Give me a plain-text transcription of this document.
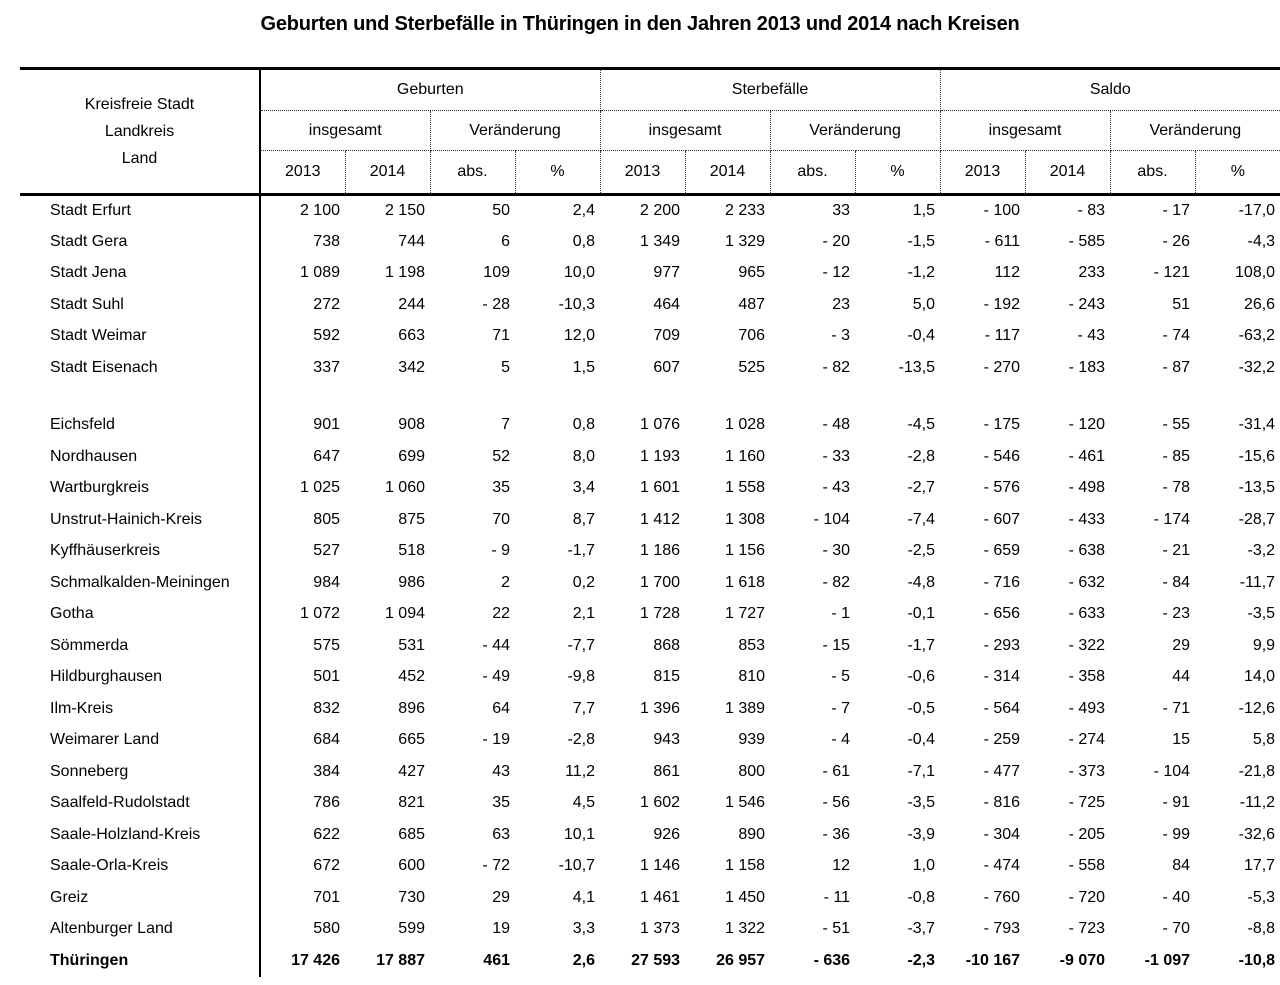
Geburten und Sterbefälle in Thüringen in den Jahren 2013 und 2014 nach Kreisen
Kreisfreie Stadt
Landkreis
Land	Geburten				Sterbefälle				Saldo			
	insgesamt		Veränderung		insgesamt		Veränderung		insgesamt		Veränderung	
	2013	2014	abs.	%	2013	2014	abs.	%	2013	2014	abs.	%
Stadt Erfurt	2 100	2 150	50	2,4	2 200	2 233	33	1,5	- 100	- 83	- 17	-17,0
Stadt Gera	738	744	6	0,8	1 349	1 329	- 20	-1,5	- 611	- 585	- 26	-4,3
Stadt Jena	1 089	1 198	109	10,0	977	965	- 12	-1,2	112	233	- 121	108,0
Stadt Suhl	272	244	- 28	-10,3	464	487	23	5,0	- 192	- 243	51	26,6
Stadt Weimar	592	663	71	12,0	709	706	- 3	-0,4	- 117	- 43	- 74	-63,2
Stadt Eisenach	337	342	5	1,5	607	525	- 82	-13,5	- 270	- 183	- 87	-32,2

Eichsfeld	901	908	7	0,8	1 076	1 028	- 48	-4,5	- 175	- 120	- 55	-31,4
Nordhausen	647	699	52	8,0	1 193	1 160	- 33	-2,8	- 546	- 461	- 85	-15,6
Wartburgkreis	1 025	1 060	35	3,4	1 601	1 558	- 43	-2,7	- 576	- 498	- 78	-13,5
Unstrut-Hainich-Kreis	805	875	70	8,7	1 412	1 308	- 104	-7,4	- 607	- 433	- 174	-28,7
Kyffhäuserkreis	527	518	- 9	-1,7	1 186	1 156	- 30	-2,5	- 659	- 638	- 21	-3,2
Schmalkalden-Meiningen	984	986	2	0,2	1 700	1 618	- 82	-4,8	- 716	- 632	- 84	-11,7
Gotha	1 072	1 094	22	2,1	1 728	1 727	- 1	-0,1	- 656	- 633	- 23	-3,5
Sömmerda	575	531	- 44	-7,7	868	853	- 15	-1,7	- 293	- 322	29	9,9
Hildburghausen	501	452	- 49	-9,8	815	810	- 5	-0,6	- 314	- 358	44	14,0
Ilm-Kreis	832	896	64	7,7	1 396	1 389	- 7	-0,5	- 564	- 493	- 71	-12,6
Weimarer Land	684	665	- 19	-2,8	943	939	- 4	-0,4	- 259	- 274	15	5,8
Sonneberg	384	427	43	11,2	861	800	- 61	-7,1	- 477	- 373	- 104	-21,8
Saalfeld-Rudolstadt	786	821	35	4,5	1 602	1 546	- 56	-3,5	- 816	- 725	- 91	-11,2
Saale-Holzland-Kreis	622	685	63	10,1	926	890	- 36	-3,9	- 304	- 205	- 99	-32,6
Saale-Orla-Kreis	672	600	- 72	-10,7	1 146	1 158	12	1,0	- 474	- 558	84	17,7
Greiz	701	730	29	4,1	1 461	1 450	- 11	-0,8	- 760	- 720	- 40	-5,3
Altenburger Land	580	599	19	3,3	1 373	1 322	- 51	-3,7	- 793	- 723	- 70	-8,8
Thüringen	17 426	17 887	461	2,6	27 593	26 957	- 636	-2,3	-10 167	-9 070	-1 097	-10,8
